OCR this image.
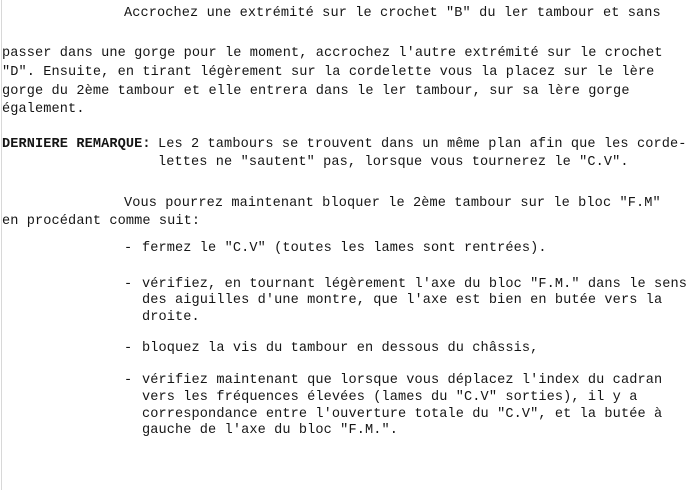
Accrochez une extrémité sur le crochet "B" du ler tambour et sans
passer dans une gorge pour le moment, accrochez l'autre extrémité sur le crochet
"D". Ensuite, en tirant légèrement sur la cordelette vous la placez sur le lère
gorge du 2ème tambour et elle entrera dans le ler tambour, sur sa lère gorge
également.
DERNIERE REMARQUE: Les 2 tambours se trouvent dans un même plan afin que les corde-
lettes ne "sautent" pas, lorsque vous tournerez le "C.V".
Vous pourrez maintenant bloquer le 2ème tambour sur le bloc "F.M"
en procédant comme suit:
- fermez le "C.V" (toutes les lames sont rentrées).
- vérifiez, en tournant légèrement l'axe du bloc "F.M." dans le sens
des aiguilles d'une montre, que l'axe est bien en butée vers la
droite.
- bloquez la vis du tambour en dessous du châssis,
- vérifiez maintenant que lorsque vous déplacez l'index du cadran
vers les fréquences élevées (lames du "C.V" sorties), il y a
correspondance entre l'ouverture totale du "C.V", et la butée à
gauche de l'axe du bloc "F.M.".
